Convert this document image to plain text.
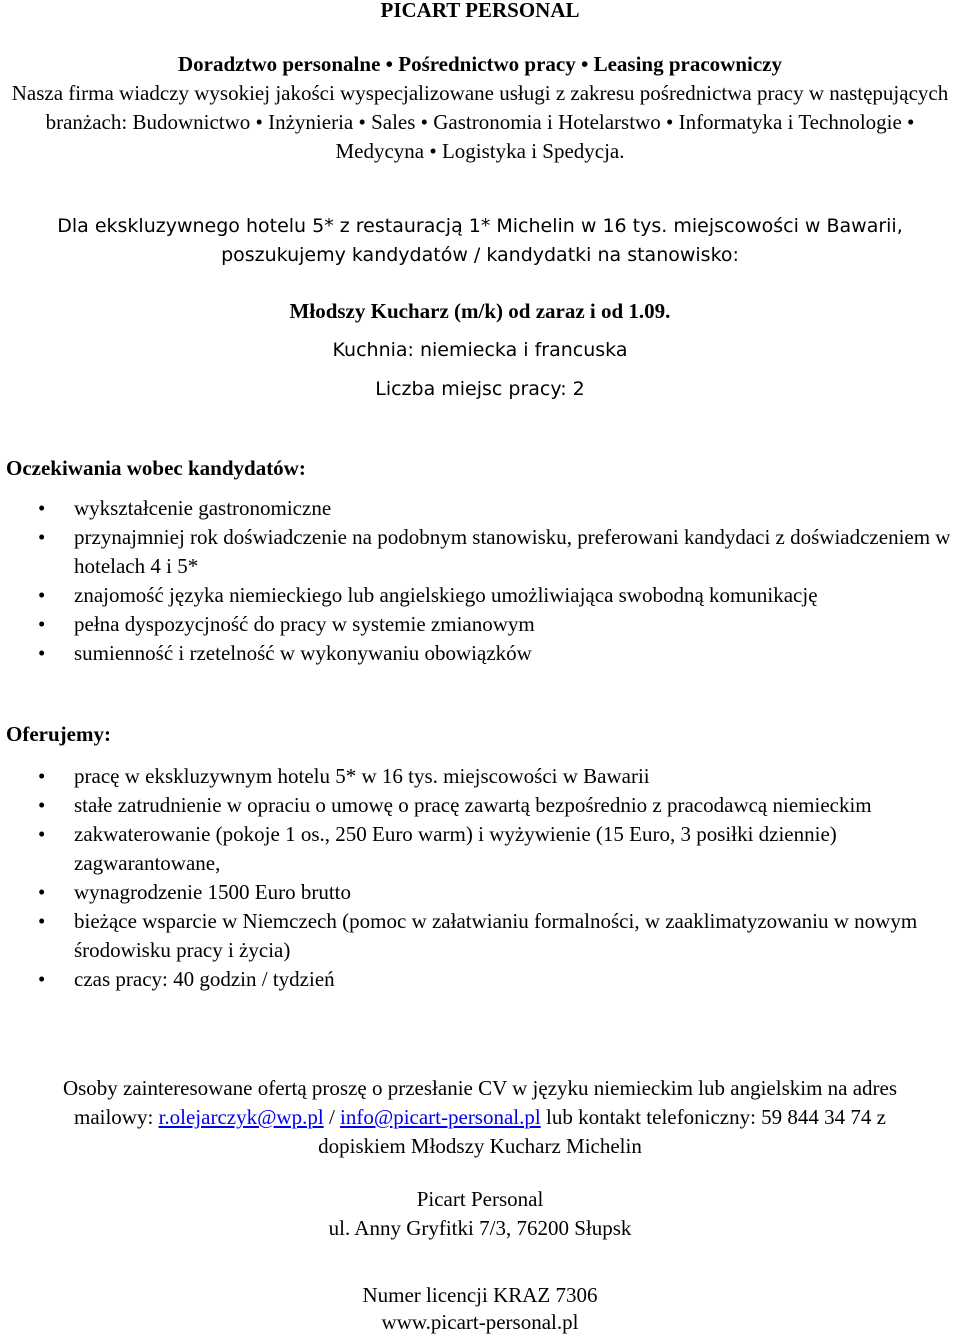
PICART PERSONAL
Doradztwo personalne • Pośrednictwo pracy • Leasing pracowniczy
Nasza firma wiadczy wysokiej jakości wyspecjalizowane usługi z zakresu pośrednictwa pracy w następujących branżach: Budownictwo • Inżynieria • Sales • Gastronomia i Hotelarstwo • Informatyka i Technologie • Medycyna • Logistyka i Spedycja.
Dla ekskluzywnego hotelu 5* z restauracją 1* Michelin w 16 tys. miejscowości w Bawarii,
poszukujemy kandydatów / kandydatki na stanowisko:
Młodszy Kucharz (m/k) od zaraz i od 1.09.
Kuchnia: niemiecka i francuska
Liczba miejsc pracy: 2
Oczekiwania wobec kandydatów:
• wykształcenie gastronomiczne
• przynajmniej rok doświadczenie na podobnym stanowisku, preferowani kandydaci z doświadczeniem w hotelach 4 i 5*
• znajomość języka niemieckiego lub angielskiego umożliwiająca swobodną komunikację
• pełna dyspozycjność do pracy w systemie zmianowym
• sumienność i rzetelność w wykonywaniu obowiązków
Oferujemy:
• pracę w ekskluzywnym hotelu 5* w 16 tys. miejscowości w Bawarii
• stałe zatrudnienie w opraciu o umowę o pracę zawartą bezpośrednio z pracodawcą niemieckim
• zakwaterowanie (pokoje 1 os., 250 Euro warm) i wyżywienie (15 Euro, 3 posiłki dziennie) zagwarantowane,
• wynagrodzenie 1500 Euro brutto
• bieżące wsparcie w Niemczech (pomoc w załatwianiu formalności, w zaaklimatyzowaniu w nowym środowisku pracy i życia)
• czas pracy: 40 godzin / tydzień
Osoby zainteresowane ofertą proszę o przesłanie CV w języku niemieckim lub angielskim na adres
mailowy: r.olejarczyk@wp.pl / info@picart-personal.pl lub kontakt telefoniczny: 59 844 34 74 z
dopiskiem Młodszy Kucharz Michelin
Picart Personal
ul. Anny Gryfitki 7/3, 76200 Słupsk
Numer licencji KRAZ 7306
www.picart-personal.pl
